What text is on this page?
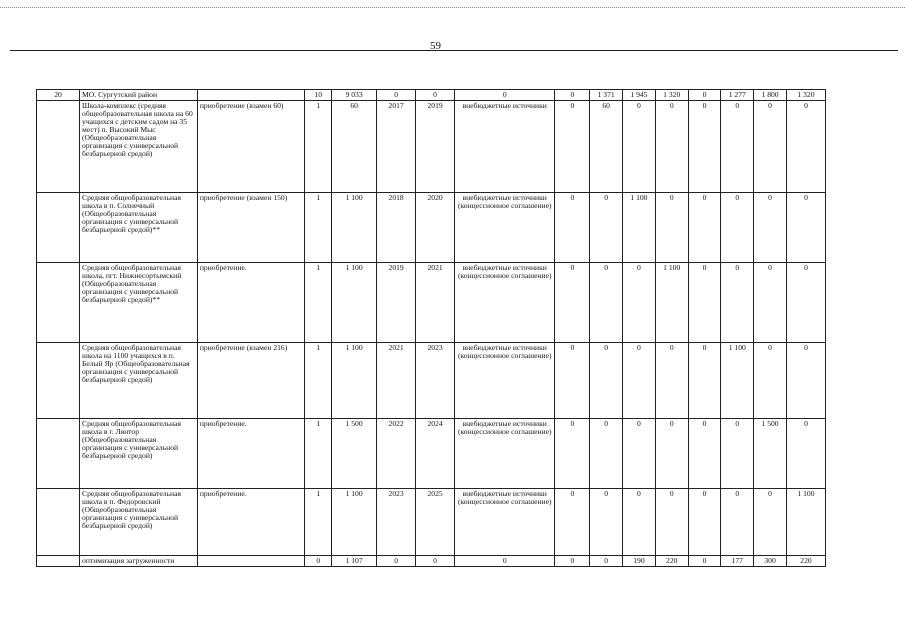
59
20	МО. Сургутский район		10	9 033	0	0	0	0	1 371	1 945	1 320	0	1 277	1 800	1 320
	Школа-комплекс (средняя общеобразовательная школа на 60 учащихся с детским садом на 35 мест) п. Высокий Мыс (Общеобразовательная организация с универсальной безбарьерной средой)	приобретение (взамен 60)	1	60	2017	2019	внебюджетные источники	0	60	0	0	0	0	0	0
	Средняя общеобразовательная школа в п. Солнечный (Общеобразовательная организация с универсальной безбарьерной средой)**	приобретение (взамен 150)	1	1 100	2018	2020	внебюджетные источники (концессионное соглашение)	0	0	1 100	0	0	0	0	0
	Средняя общеобразовательная школа, пгт. Нижнесортымский (Общеобразовательная организация с универсальной безбарьерной средой)**	приобретение.	1	1 100	2019	2021	внебюджетные источники (концессионное соглашение)	0	0	0	1 100	0	0	0	0
	Средняя общеобразовательная школа на 1100 учащихся в п. Белый Яр (Общеобразовательная организация с универсальной безбарьерной средой)	приобретение (взамен 216)	1	1 100	2021	2023	внебюджетные источники (концессионное соглашение)	0	0	0	0	0	1 100	0	0
	Средняя общеобразовательная школа в г. Лянтор (Общеобразовательная организация с универсальной безбарьерной средой)	приобретение.	1	1 500	2022	2024	внебюджетные источники (концессионное соглашение)	0	0	0	0	0	0	1 500	0
	Средняя общеобразовательная школа в п. Федоровский (Общеобразовательная организация с универсальной безбарьерной средой)	приобретение.	1	1 100	2023	2025	внебюджетные источники (концессионное соглашение)	0	0	0	0	0	0	0	1 100
	оптимизация загруженности		0	1 107	0	0	0	0	0	190	220	0	177	300	220
